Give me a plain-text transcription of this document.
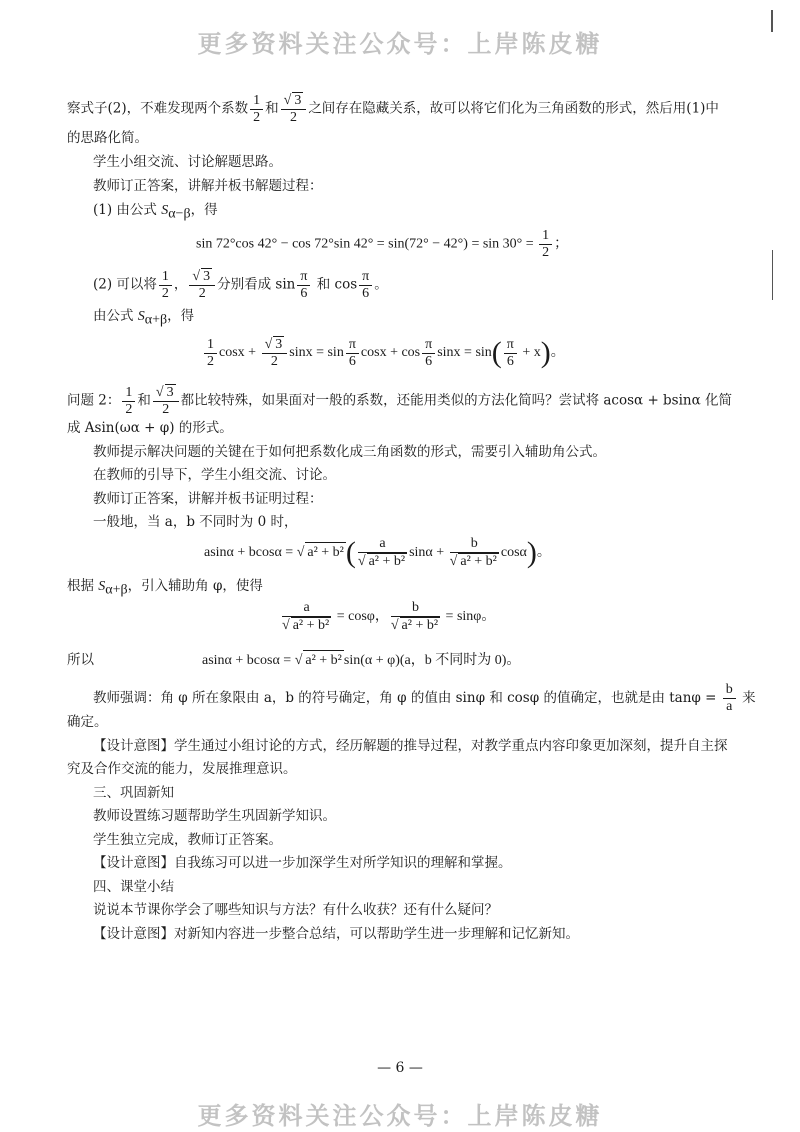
更多资料关注公众号：上岸陈皮糖
察式子(2)，不难发现两个系数 $\frac{1}{2}$ 和 $\frac{√ 3}{2}$ 之间存在隐藏关系，故可以将它们化为三角函数的形式，然后用(1)中
的思路化简。
学生小组交流、讨论解题思路。
教师订正答案，讲解并板书解题过程：
(1) 由公式 $S_{\alpha-\beta}$，得
sin 72°cos 42° − cos 72°sin $42^\circ = \sin(72^\circ - 42^\circ) = \sin 30^\circ = \frac{1}{2}$ ；
(2) 可以将 $\frac{1}{2}$ ， $\frac{√ 3}{2}$ 分别看成 $\sin \frac{\pi}{6}$ 和 $\cos \frac{\pi}{6}$ 。
由公式 $S_{\alpha+\beta}$，得
$\frac{1}{2}$ $\cos x + \frac{√ 3}{2}$ $\sin x = \sin \frac{\pi}{6}$ $\cos x + \cos \frac{\pi}{6}$ $\sin x = \sin( \frac{\pi}{6} + x)$。
问题 2： $\frac{1}{2}$ 和 $\frac{√ 3}{2}$ 都比较特殊，如果面对一般的系数，还能用类似的方法化简吗？尝试将 acosα + bsinα 化简
成 Asin(ωα + φ) 的形式。
教师提示解决问题的关键在于如何把系数化成三角函数的形式，需要引入辅助角公式。
在教师的引导下，学生小组交流、讨论。
教师订正答案，讲解并板书证明过程：
一般地，当 a，b 不同时为 0 时，
asinα + bcosα = √ $a^2 + b^2( \frac{a}{\text{√ a² + b²}}$ $\sin\alpha + \frac{b}{\text{√ a² + b²}} \cos\alpha$)。
根据 $S_{\alpha+\beta}$，引入辅助角 φ，使得
$\frac{a}{\text{√ a² + b²}} = \cos\varphi$， $\frac{b}{\text{√ a² + b²}} = \sin\varphi$。
所以	asinα + bcosα = √ a² + b² sin(α + φ)(a，b 不同时为 0)。
教师强调：角 φ 所在象限由 a，b 的符号确定，角 φ 的值由 sinφ 和 cosφ 的值确定，也就是由 $\tan\varphi = \frac{b}{a}$ 来
确定。
【设计意图】学生通过小组讨论的方式，经历解题的推导过程，对教学重点内容印象更加深刻，提升自主探
究及合作交流的能力，发展推理意识。
三、巩固新知
教师设置练习题帮助学生巩固新学知识。
学生独立完成，教师订正答案。
【设计意图】自我练习可以进一步加深学生对所学知识的理解和掌握。
四、课堂小结
说说本节课你学会了哪些知识与方法？有什么收获？还有什么疑问？
【设计意图】对新知内容进一步整合总结，可以帮助学生进一步理解和记忆新知。
— 6 —
更多资料关注公众号：上岸陈皮糖
